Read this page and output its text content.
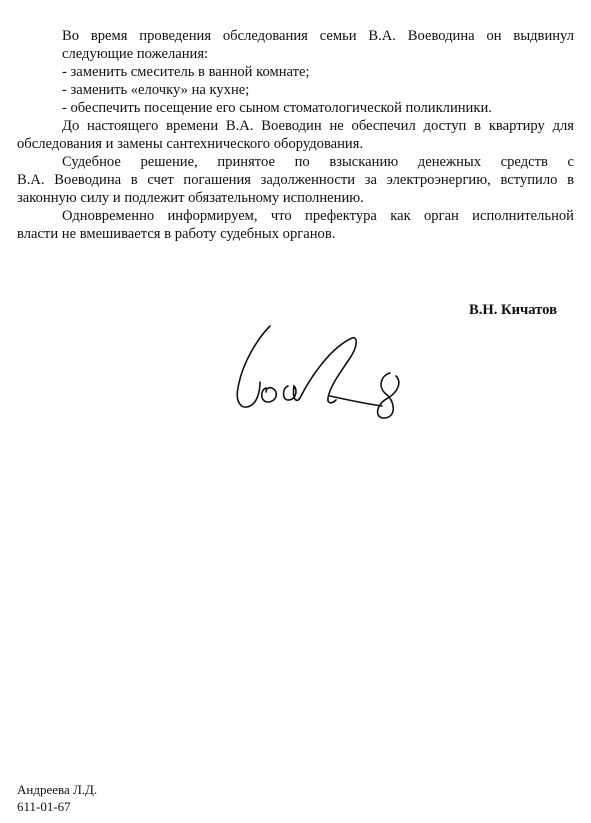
Во время проведения обследования семьи В.А. Воеводина он выдвинул
следующие пожелания:
- заменить смеситель в ванной комнате;
- заменить «елочку» на кухне;
- обеспечить посещение его сыном стоматологической поликлиники.
До настоящего времени В.А. Воеводин не обеспечил доступ в квартиру для
обследования и замены сантехнического оборудования.
Судебное решение, принятое по взысканию денежных средств с
В.А. Воеводина в счет погашения задолженности за электроэнергию, вступило в
законную силу и подлежит обязательному исполнению.
Одновременно информируем, что префектура как орган исполнительной
власти не вмешивается в работу судебных органов.
В.Н. Кичатов
Андреева Л.Д.
611-01-67
